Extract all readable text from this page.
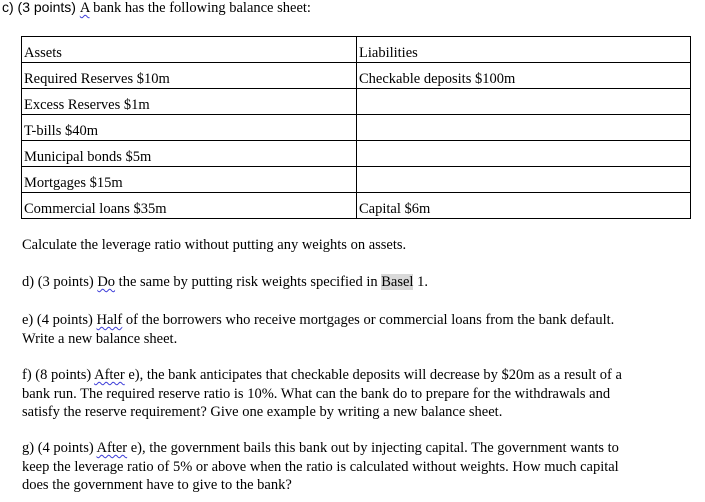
c) (3 points) A bank has the following balance sheet:
Assets	Liabilities
Required Reserves $10m	Checkable deposits $100m
Excess Reserves $1m	
T-bills $40m	
Municipal bonds $5m	
Mortgages $15m	
Commercial loans $35m	Capital $6m
Calculate the leverage ratio without putting any weights on assets.
d) (3 points) Do the same by putting risk weights specified in Basel 1.
e) (4 points) Half of the borrowers who receive mortgages or commercial loans from the bank default.
Write a new balance sheet.
f) (8 points) After e), the bank anticipates that checkable deposits will decrease by $20m as a result of a
bank run. The required reserve ratio is 10%. What can the bank do to prepare for the withdrawals and
satisfy the reserve requirement? Give one example by writing a new balance sheet.
g) (4 points) After e), the government bails this bank out by injecting capital. The government wants to
keep the leverage ratio of 5% or above when the ratio is calculated without weights. How much capital
does the government have to give to the bank?
